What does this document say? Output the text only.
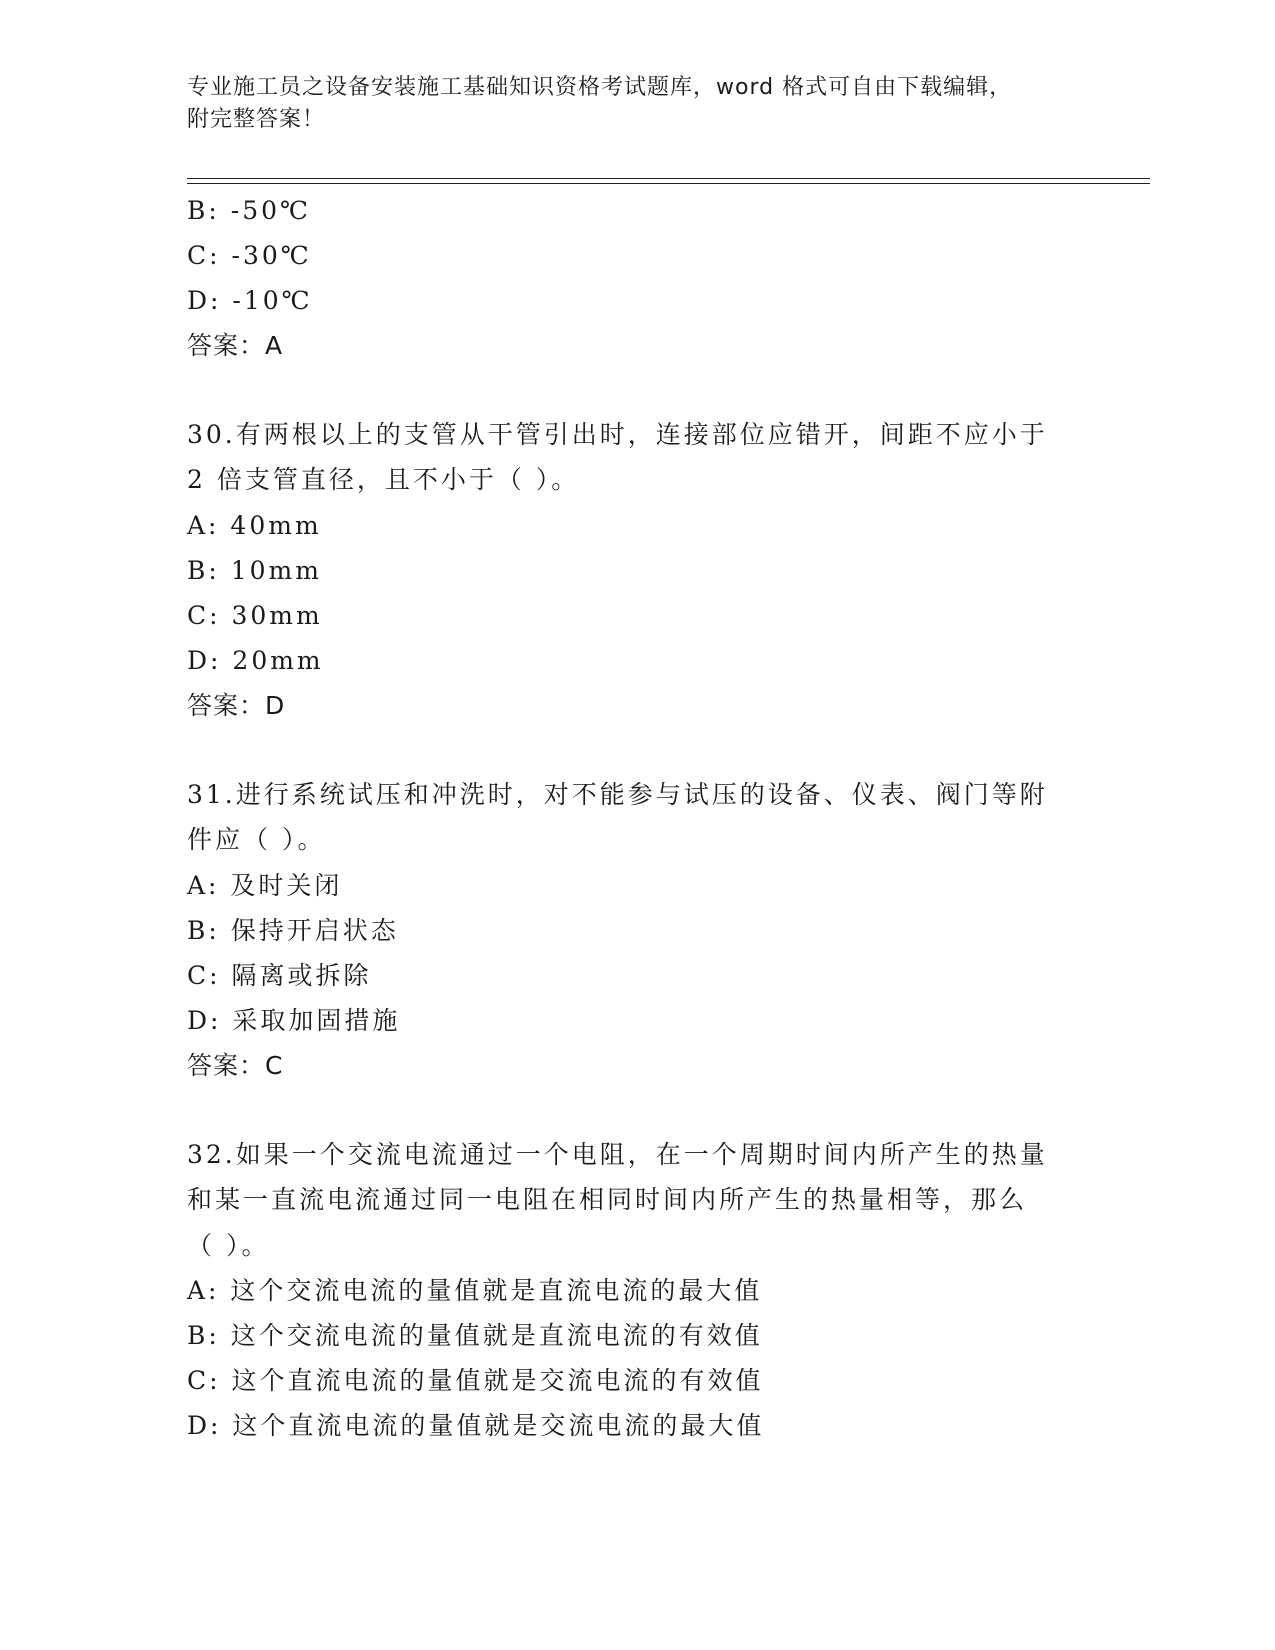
专业施工员之设备安装施工基础知识资格考试题库，word 格式可自由下载编辑，
附完整答案！
B: -50℃
C: -30℃
D: -10℃
答案：A
30.有两根以上的支管从干管引出时，连接部位应错开，间距不应小于
2 倍支管直径，且不小于（ ）。
A: 40mm
B: 10mm
C: 30mm
D: 20mm
答案：D
31.进行系统试压和冲洗时，对不能参与试压的设备、仪表、阀门等附
件应（ ）。
A: 及时关闭
B: 保持开启状态
C: 隔离或拆除
D: 采取加固措施
答案：C
32.如果一个交流电流通过一个电阻，在一个周期时间内所产生的热量
和某一直流电流通过同一电阻在相同时间内所产生的热量相等，那么
（ ）。
A: 这个交流电流的量值就是直流电流的最大值
B: 这个交流电流的量值就是直流电流的有效值
C: 这个直流电流的量值就是交流电流的有效值
D: 这个直流电流的量值就是交流电流的最大值
